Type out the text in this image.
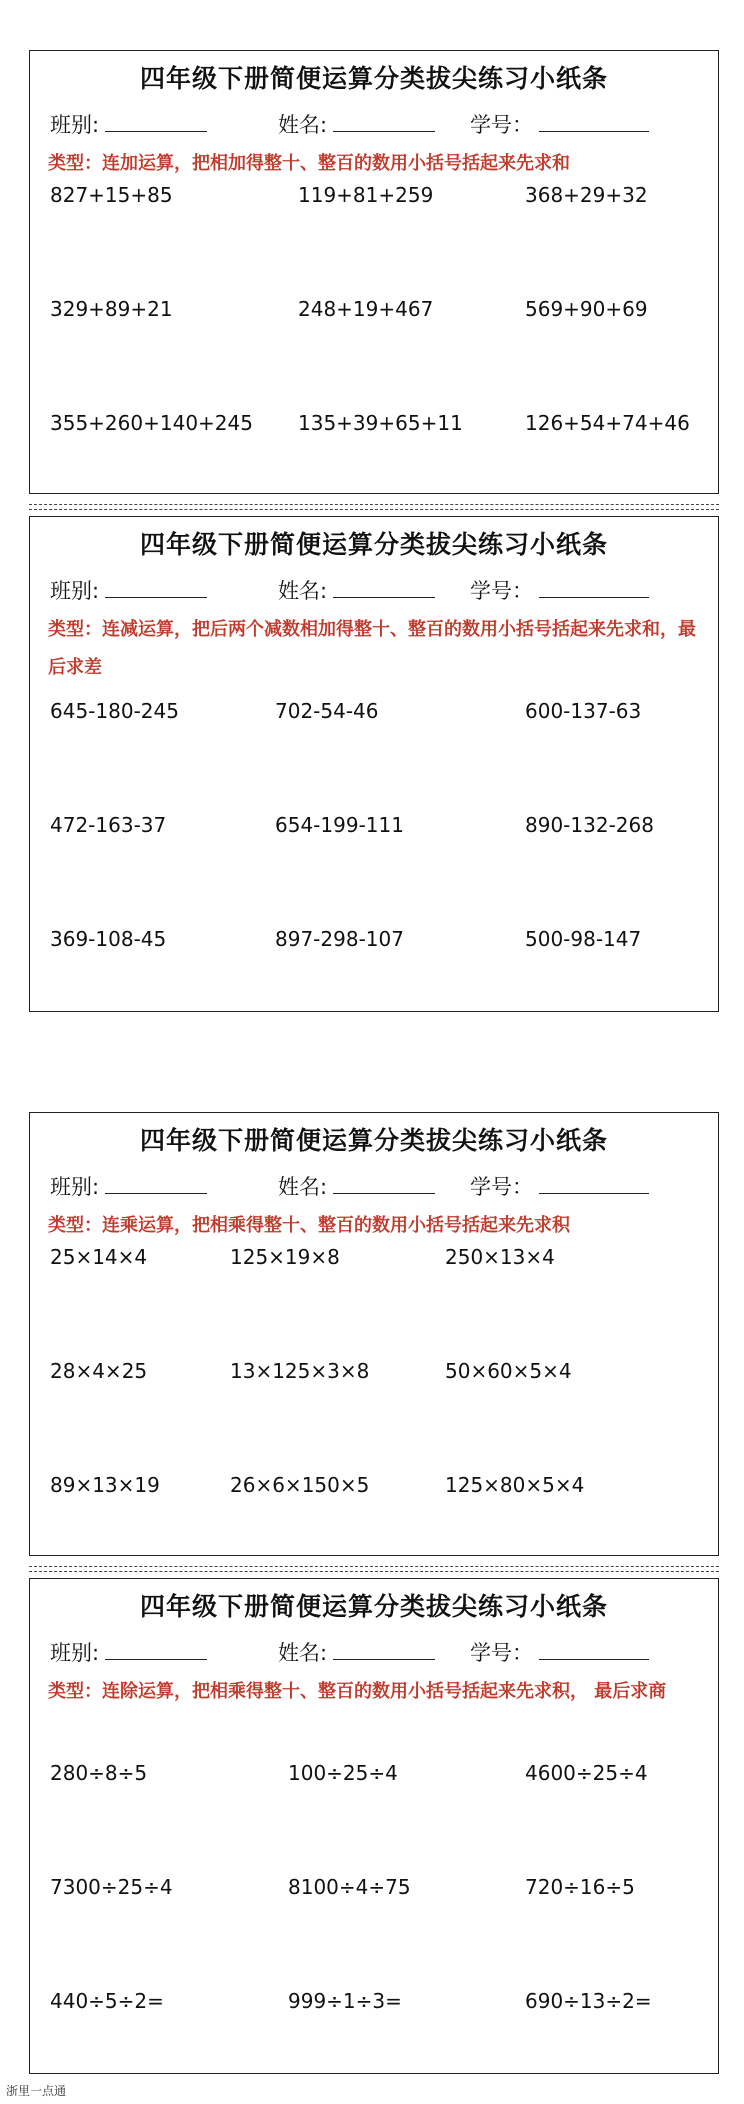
四年级下册简便运算分类拔尖练习小纸条
班别:	姓名:	学号：
类型：连加运算，把相加得整十、整百的数用小括号括起来先求和
827+15+85	119+81+259	368+29+32
329+89+21	248+19+467	569+90+69
355+260+140+245 135+39+65+11	126+54+74+46
四年级下册简便运算分类拔尖练习小纸条
班别:	姓名:	学号：
类型：连减运算，把后两个减数相加得整十、整百的数用小括号括起来先求和，最后求差
645-180-245	702-54-46	600-137-63
472-163-37	654-199-111	890-132-268
369-108-45	897-298-107	500-98-147
四年级下册简便运算分类拔尖练习小纸条
班别:	姓名:	学号：
类型：连乘运算，把相乘得整十、整百的数用小括号括起来先求积
25×14×4	125×19×8	250×13×4
28×4×25	13×125×3×8	50×60×5×4
89×13×19	26×6×150×5	125×80×5×4
四年级下册简便运算分类拔尖练习小纸条
班别:	姓名:	学号：
类型：连除运算，把相乘得整十、整百的数用小括号括起来先求积， 最后求商
280÷8÷5	100÷25÷4	4600÷25÷4
7300÷25÷4	8100÷4÷75	720÷16÷5
440÷5÷2=	999÷1÷3=	690÷13÷2=
浙里一点通
